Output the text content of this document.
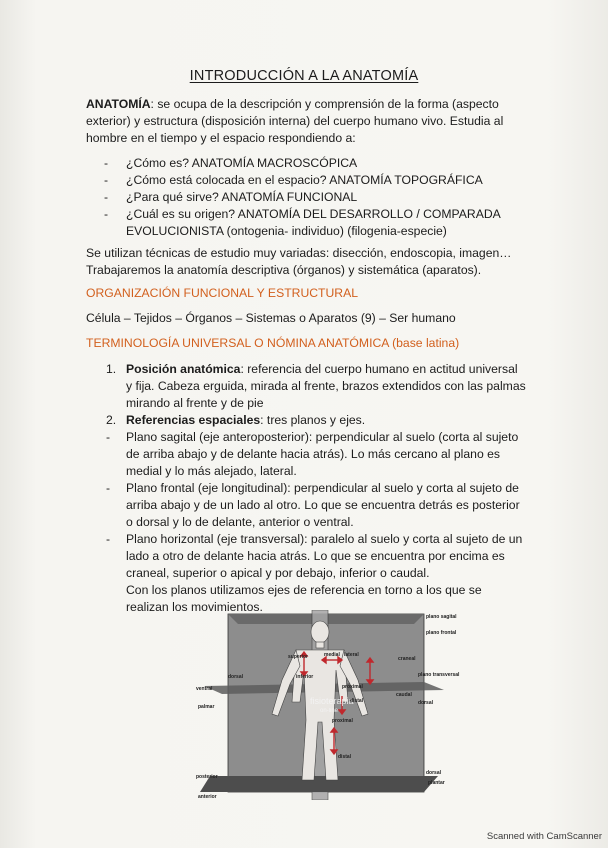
INTRODUCCIÓN A LA ANATOMÍA

ANATOMÍA: se ocupa de la descripción y comprensión de la forma (aspecto exterior) y estructura (disposición interna) del cuerpo humano vivo. Estudia al hombre en el tiempo y el espacio respondiendo a:

- ¿Cómo es? ANATOMÍA MACROSCÓPICA
- ¿Cómo está colocada en el espacio? ANATOMÍA TOPOGRÁFICA
- ¿Para qué sirve? ANATOMÍA FUNCIONAL
- ¿Cuál es su origen? ANATOMÍA DEL DESARROLLO / COMPARADA EVOLUCIONISTA (ontogenia- individuo) (filogenia-especie)

Se utilizan técnicas de estudio muy variadas: disección, endoscopia, imagen… Trabajaremos la anatomía descriptiva (órganos) y sistemática (aparatos).

ORGANIZACIÓN FUNCIONAL Y ESTRUCTURAL
Célula – Tejidos – Órganos – Sistemas o Aparatos (9) – Ser humano
TERMINOLOGÍA UNIVERSAL O NÓMINA ANATÓMICA (base latina)
1. Posición anatómica: referencia del cuerpo humano en actitud universal y fija. Cabeza erguida, mirada al frente, brazos extendidos con las palmas mirando al frente y de pie
2. Referencias espaciales: tres planos y ejes.
- Plano sagital (eje anteroposterior): perpendicular al suelo (corta al sujeto de arriba abajo y de delante hacia atrás). Lo más cercano al plano es medial y lo más alejado, lateral.
- Plano frontal (eje longitudinal): perpendicular al suelo y corta al sujeto de arriba abajo y de un lado al otro. Lo que se encuentra detrás es posterior o dorsal y lo de delante, anterior o ventral.
- Plano horizontal (eje transversal): paralelo al suelo y corta al sujeto de un lado a otro de delante hacia atrás. Lo que se encuentra por encima es craneal, superior o apical y por debajo, inferior o caudal.
Con los planos utilizamos ejes de referencia en torno a los que se realizan los movimientos.
plano sagital
plano frontal
superior	medial lateral
craneal
dorsal	inferior	plano transversal
ventral	proximal
caudal
palmar
dorsal
fisioterapia
on-line
proximal
distal
distal
posterior
dorsal
plantar
anterior
Scanned with CamScanner
